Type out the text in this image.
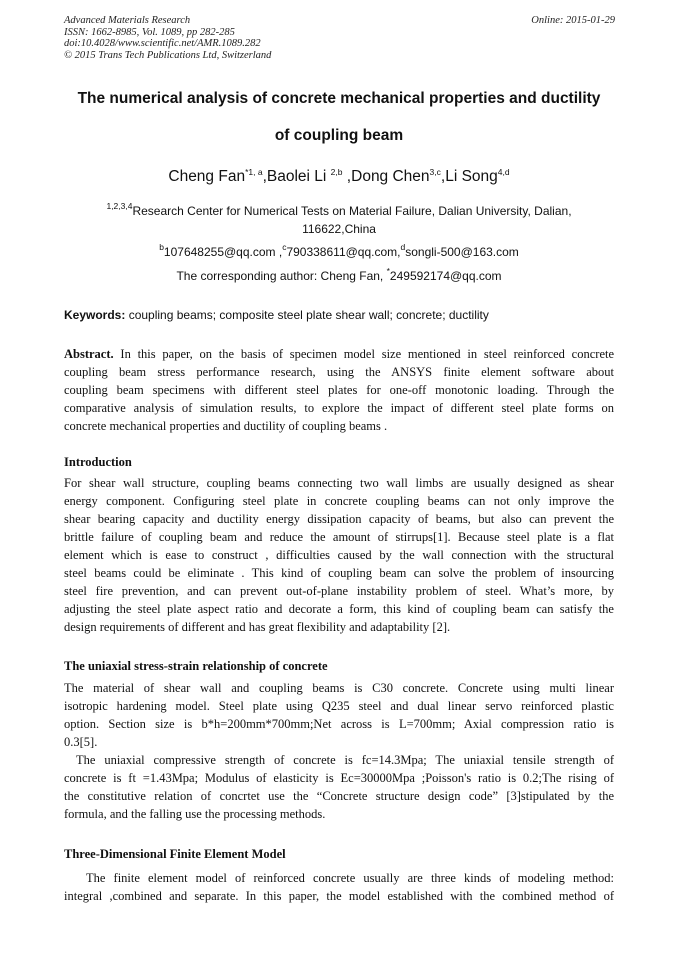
Advanced Materials Research
ISSN: 1662-8985, Vol. 1089, pp 282-285
doi:10.4028/www.scientific.net/AMR.1089.282
© 2015 Trans Tech Publications Ltd, Switzerland
Online: 2015-01-29
The numerical analysis of concrete mechanical properties and ductility
of coupling beam
Cheng Fan$^{*1, a}$,Baolei Li $^{2,b}$ ,Dong Chen$^{3,c}$,Li Song$^{4,d}$
$^{1,2,3,4}$Research Center for Numerical Tests on Material Failure, Dalian University, Dalian,
116622,China
$^b$107648255@qq.com ,$^c$790338611@qq.com,$^d$songli-500@163.com
The corresponding author: Cheng Fan, *249592174@qq.com
Keywords: coupling beams; composite steel plate shear wall; concrete; ductility
Abstract. In this paper, on the basis of specimen model size mentioned in steel reinforced concrete
coupling beam stress performance research, using the ANSYS finite element software about
coupling beam specimens with different steel plates for one-off monotonic loading. Through the
comparative analysis of simulation results, to explore the impact of different steel plate forms on
concrete mechanical properties and ductility of coupling beams .
Introduction
For shear wall structure, coupling beams connecting two wall limbs are usually designed as shear
energy component. Configuring steel plate in concrete coupling beams can not only improve the
shear bearing capacity and ductility energy dissipation capacity of beams, but also can prevent the
brittle failure of coupling beam and reduce the amount of stirrups[1]. Because steel plate is a flat
element which is ease to construct , difficulties caused by the wall connection with the structural
steel beams could be eliminate . This kind of coupling beam can solve the problem of insourcing
steel fire prevention, and can prevent out-of-plane instability problem of steel. What’s more, by
adjusting the steel plate aspect ratio and decorate a form, this kind of coupling beam can satisfy the
design requirements of different and has great flexibility and adaptability [2].
The uniaxial stress-strain relationship of concrete
The material of shear wall and coupling beams is C30 concrete. Concrete using multi linear
isotropic hardening model. Steel plate using Q235 steel and dual linear servo reinforced plastic
option. Section size is b*h=200mm*700mm;Net across is L=700mm; Axial compression ratio is
0.3[5].
The uniaxial compressive strength of concrete is fc=14.3Mpa; The uniaxial tensile strength of
concrete is ft =1.43Mpa; Modulus of elasticity is Ec=30000Mpa ;Poisson's ratio is 0.2;The rising of
the constitutive relation of concrtet use the “Concrete structure design code” [3]stipulated by the
formula, and the falling use the processing methods.
Three-Dimensional Finite Element Model
The finite element model of reinforced concrete usually are three kinds of modeling method:
integral ,combined and separate. In this paper, the model established with the combined method of
